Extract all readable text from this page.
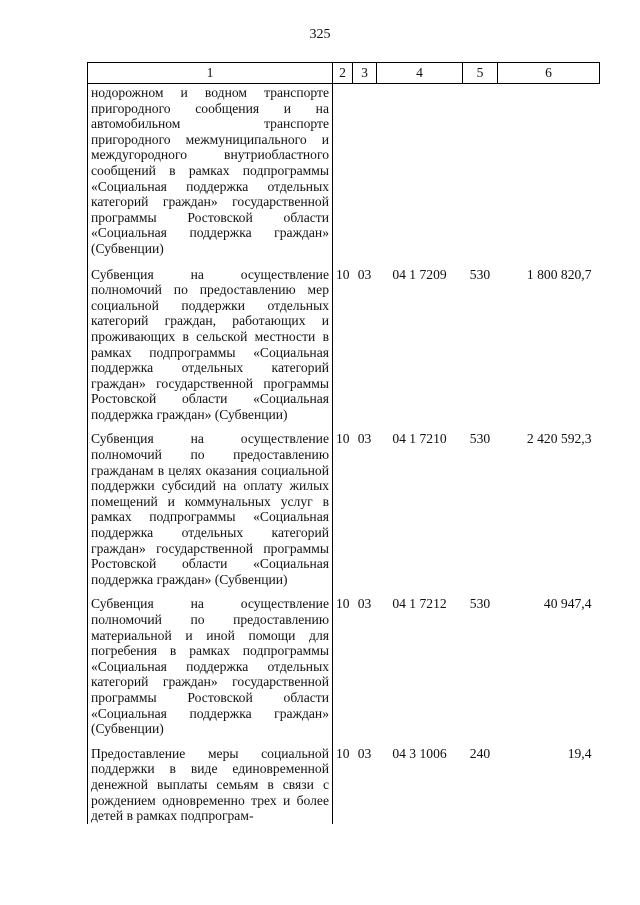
325
1	2	3	4	5	6
нодорожном и водном транспорте пригородного сообщения и на автомобильном транспорте пригородного межмуниципального и междугородного внутриобластного сообщений в рамках подпрограммы «Социальная поддержка отдельных категорий граждан» государственной программы Ростовской области «Социальная поддержка граждан» (Субвенции)					
Субвенция на осуществление полномочий по предоставлению мер социальной поддержки отдельных категорий граждан, работающих и проживающих в сельской местности в рамках подпрограммы «Социальная поддержка отдельных категорий граждан» государственной программы Ростовской области «Социальная поддержка граждан» (Субвенции)	10	03	04 1 7209	530	1 800 820,7
Субвенция на осуществление полномочий по предоставлению гражданам в целях оказания социальной поддержки субсидий на оплату жилых помещений и коммунальных услуг в рамках подпрограммы «Социальная поддержка отдельных категорий граждан» государственной программы Ростовской области «Социальная поддержка граждан» (Субвенции)	10	03	04 1 7210	530	2 420 592,3
Субвенция на осуществление полномочий по предоставлению материальной и иной помощи для погребения в рамках подпрограммы «Социальная поддержка отдельных категорий граждан» государственной программы Ростовской области «Социальная поддержка граждан» (Субвенции)	10	03	04 1 7212	530	40 947,4
Предоставление меры социальной поддержки в виде единовременной денежной выплаты семьям в связи с рождением одновременно трех и более детей в рамках подпрограм-	10	03	04 3 1006	240	19,4
